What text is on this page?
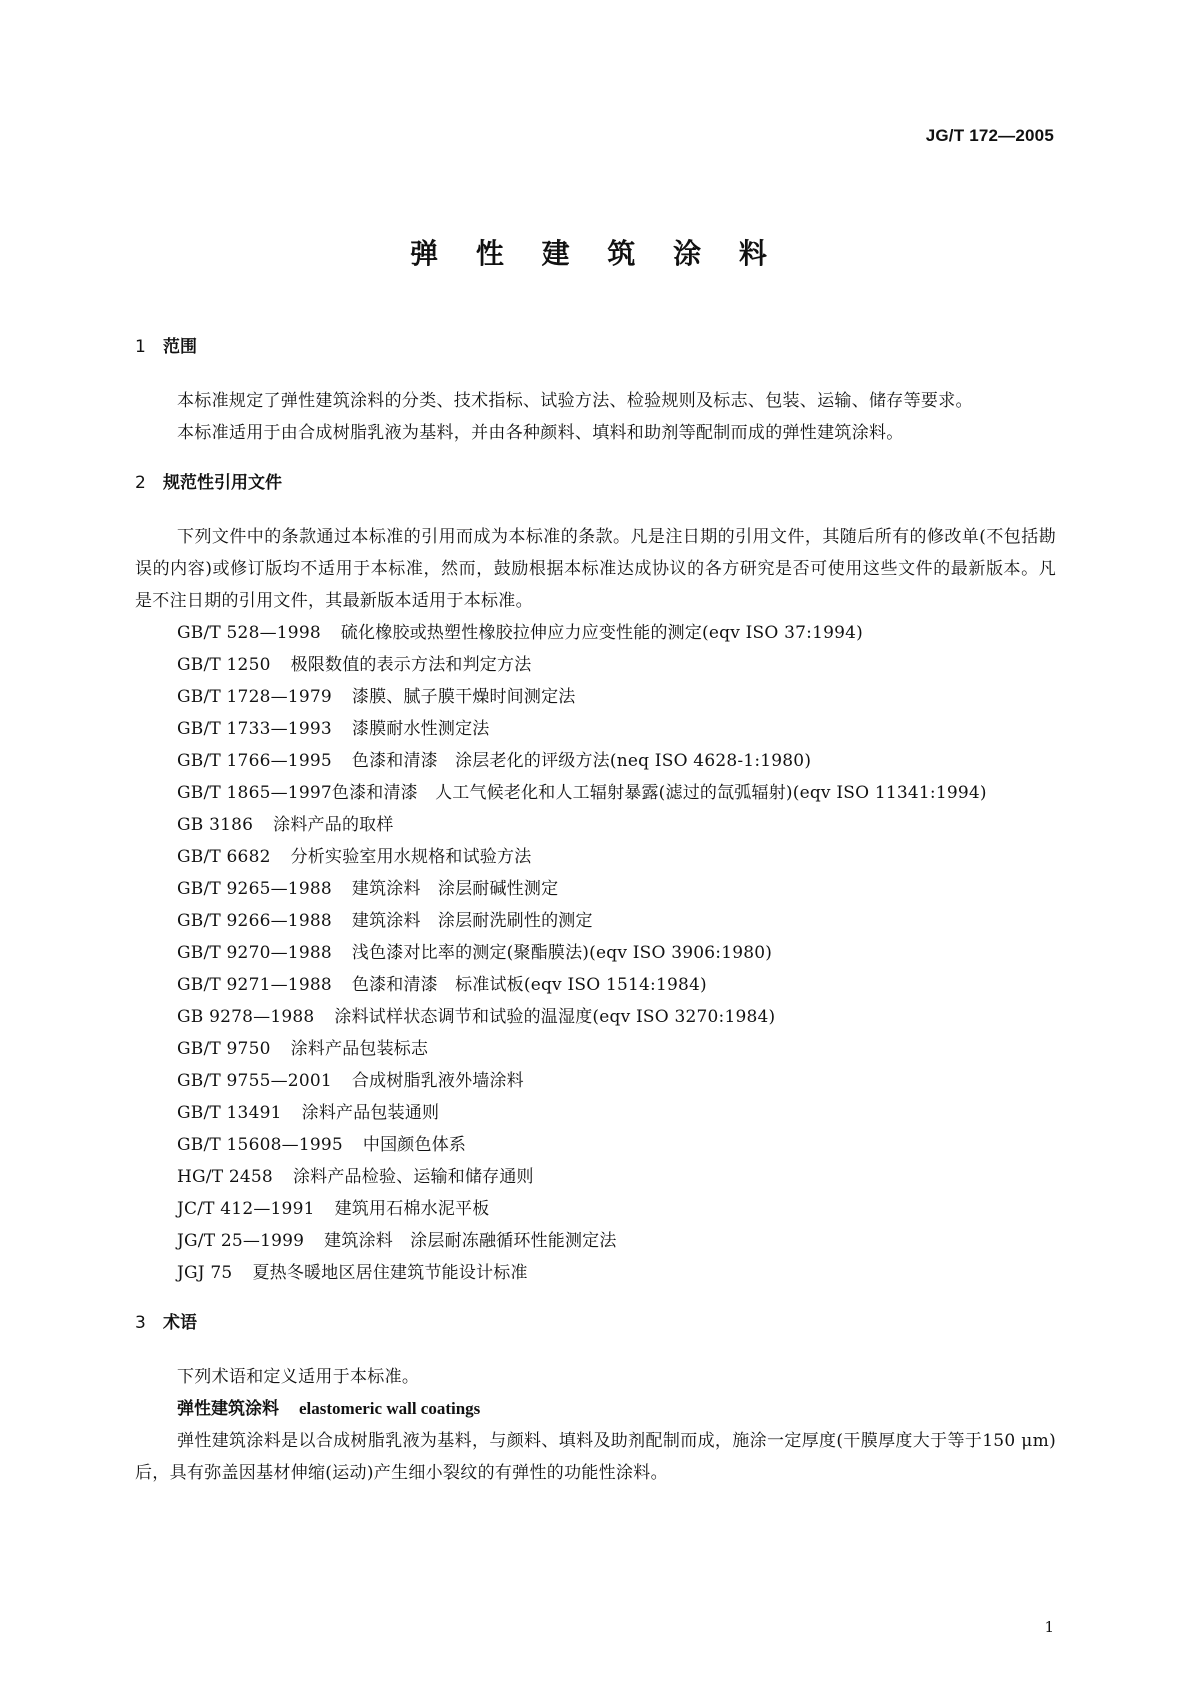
JG/T 172—2005
弹 性 建 筑 涂 料
1 范围

本标准规定了弹性建筑涂料的分类、技术指标、试验方法、检验规则及标志、包装、运输、储存等要求。

本标准适用于由合成树脂乳液为基料，并由各种颜料、填料和助剂等配制而成的弹性建筑涂料。

2 规范性引用文件

下列文件中的条款通过本标准的引用而成为本标准的条款。凡是注日期的引用文件，其随后所有的修改单(不包括勘误的内容)或修订版均不适用于本标准，然而，鼓励根据本标准达成协议的各方研究是否可使用这些文件的最新版本。凡是不注日期的引用文件，其最新版本适用于本标准。

GB/T 528—1998 硫化橡胶或热塑性橡胶拉伸应力应变性能的测定(eqv ISO 37:1994)
GB/T 1250 极限数值的表示方法和判定方法
GB/T 1728—1979 漆膜、腻子膜干燥时间测定法
GB/T 1733—1993 漆膜耐水性测定法
GB/T 1766—1995 色漆和清漆　涂层老化的评级方法(neq ISO 4628-1:1980)
GB/T 1865—1997色漆和清漆　人工气候老化和人工辐射暴露(滤过的氙弧辐射)(eqv ISO 11341:1994)
GB 3186 涂料产品的取样
GB/T 6682 分析实验室用水规格和试验方法
GB/T 9265—1988 建筑涂料　涂层耐碱性测定
GB/T 9266—1988 建筑涂料　涂层耐洗刷性的测定
GB/T 9270—1988 浅色漆对比率的测定(聚酯膜法)(eqv ISO 3906:1980)
GB/T 9271—1988 色漆和清漆　标准试板(eqv ISO 1514:1984)
GB 9278—1988 涂料试样状态调节和试验的温湿度(eqv ISO 3270:1984)
GB/T 9750 涂料产品包装标志
GB/T 9755—2001 合成树脂乳液外墙涂料
GB/T 13491 涂料产品包装通则
GB/T 15608—1995 中国颜色体系
HG/T 2458 涂料产品检验、运输和储存通则
JC/T 412—1991 建筑用石棉水泥平板
JG/T 25—1999 建筑涂料　涂层耐冻融循环性能测定法
JGJ 75 夏热冬暖地区居住建筑节能设计标准
3 术语

下列术语和定义适用于本标准。

弹性建筑涂料 elastomeric wall coatings

弹性建筑涂料是以合成树脂乳液为基料，与颜料、填料及助剂配制而成，施涂一定厚度(干膜厚度大于等于150 μm)后，具有弥盖因基材伸缩(运动)产生细小裂纹的有弹性的功能性涂料。

1
